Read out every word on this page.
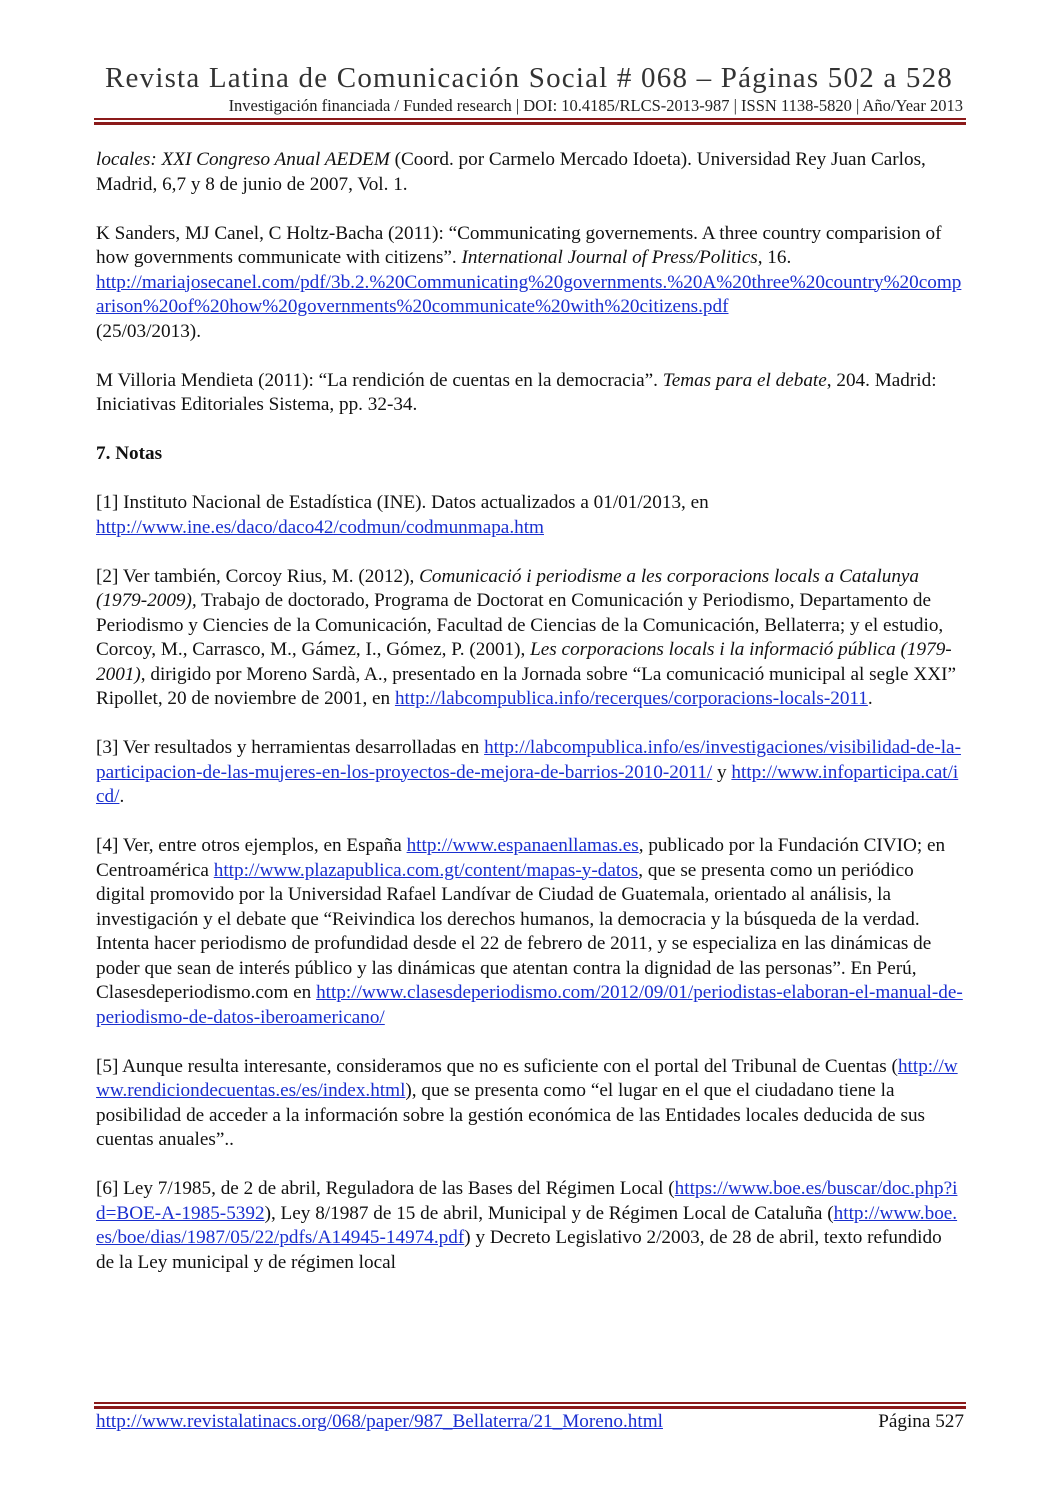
Revista Latina de Comunicación Social # 068 – Páginas 502 a 528
Investigación financiada / Funded research | DOI: 10.4185/RLCS-2013-987 | ISSN 1138-5820 | Año/Year 2013

locales: XXI Congreso Anual AEDEM (Coord. por Carmelo Mercado Idoeta). Universidad Rey Juan Carlos, Madrid, 6,7 y 8 de junio de 2007, Vol. 1.

K Sanders, MJ Canel, C Holtz-Bacha (2011): “Communicating governements. A three country comparision of how governments communicate with citizens”. International Journal of Press/Politics, 16.
http://mariajosecanel.com/pdf/3b.2.%20Communicating%20governments.%20A%20three%20country%20comparison%20of%20how%20governments%20communicate%20with%20citizens.pdf
(25/03/2013).

M Villoria Mendieta (2011): “La rendición de cuentas en la democracia”. Temas para el debate, 204. Madrid: Iniciativas Editoriales Sistema, pp. 32-34.

7. Notas

[1] Instituto Nacional de Estadística (INE). Datos actualizados a 01/01/2013, en
http://www.ine.es/daco/daco42/codmun/codmunmapa.htm

[2] Ver también, Corcoy Rius, M. (2012), Comunicació i periodisme a les corporacions locals a Catalunya (1979-2009), Trabajo de doctorado, Programa de Doctorat en Comunicación y Periodismo, Departamento de Periodismo y Ciencies de la Comunicación, Facultad de Ciencias de la Comunicación, Bellaterra; y el estudio, Corcoy, M., Carrasco, M., Gámez, I., Gómez, P. (2001), Les corporacions locals i la informació pública (1979-2001), dirigido por Moreno Sardà, A., presentado en la Jornada sobre “La comunicació municipal al segle XXI” Ripollet, 20 de noviembre de 2001, en http://labcompublica.info/recerques/corporacions-locals-2011.

[3] Ver resultados y herramientas desarrolladas en http://labcompublica.info/es/investigaciones/visibilidad-de-la-participacion-de-las-mujeres-en-los-proyectos-de-mejora-de-barrios-2010-2011/ y http://www.infoparticipa.cat/icd/.

[4] Ver, entre otros ejemplos, en España http://www.espanaenllamas.es, publicado por la Fundación CIVIO; en Centroamérica http://www.plazapublica.com.gt/content/mapas-y-datos, que se presenta como un periódico digital promovido por la Universidad Rafael Landívar de Ciudad de Guatemala, orientado al análisis, la investigación y el debate que “Reivindica los derechos humanos, la democracia y la búsqueda de la verdad. Intenta hacer periodismo de profundidad desde el 22 de febrero de 2011, y se especializa en las dinámicas de poder que sean de interés público y las dinámicas que atentan contra la dignidad de las personas”. En Perú, Clasesdeperiodismo.com en http://www.clasesdeperiodismo.com/2012/09/01/periodistas-elaboran-el-manual-de-periodismo-de-datos-iberoamericano/

[5] Aunque resulta interesante, consideramos que no es suficiente con el portal del Tribunal de Cuentas (http://www.rendiciondecuentas.es/es/index.html), que se presenta como “el lugar en el que el ciudadano tiene la posibilidad de acceder a la información sobre la gestión económica de las Entidades locales deducida de sus cuentas anuales”..

[6] Ley 7/1985, de 2 de abril, Reguladora de las Bases del Régimen Local (https://www.boe.es/buscar/doc.php?id=BOE-A-1985-5392), Ley 8/1987 de 15 de abril, Municipal y de Régimen Local de Cataluña (http://www.boe.es/boe/dias/1987/05/22/pdfs/A14945-14974.pdf) y Decreto Legislativo 2/2003, de 28 de abril, texto refundido de la Ley municipal y de régimen local

http://www.revistalatinacs.org/068/paper/987_Bellaterra/21_Moreno.html	Página 527
